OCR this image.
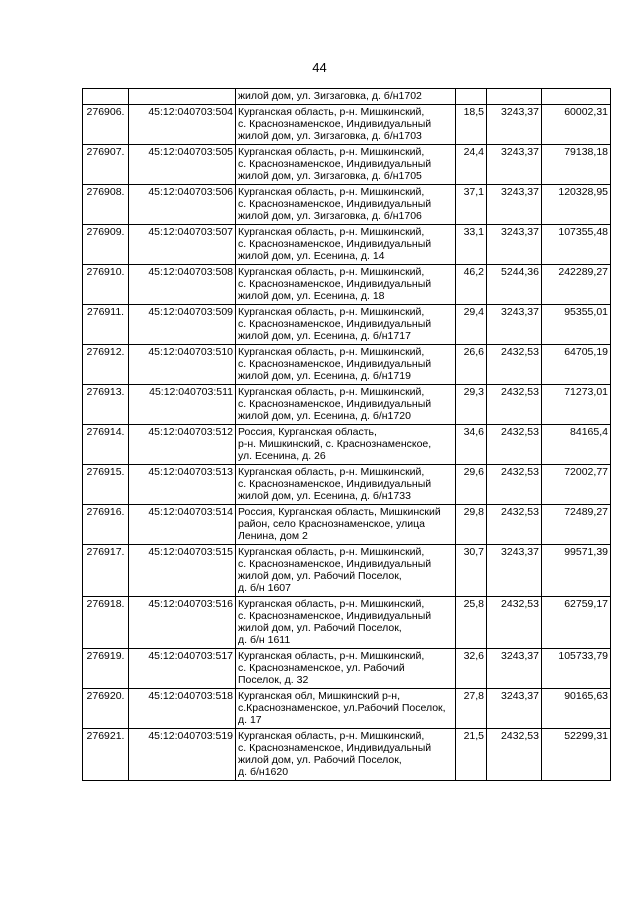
44
		жилой дом, ул. Зигзаговка, д. б/н1702			
276906.	45:12:040703:504	Курганская область, р-н. Мишкинский,
с. Краснознаменское, Индивидуальный
жилой дом, ул. Зигзаговка, д. б/н1703	18,5	3243,37	60002,31
276907.	45:12:040703:505	Курганская область, р-н. Мишкинский,
с. Краснознаменское, Индивидуальный
жилой дом, ул. Зигзаговка, д. б/н1705	24,4	3243,37	79138,18
276908.	45:12:040703:506	Курганская область, р-н. Мишкинский,
с. Краснознаменское, Индивидуальный
жилой дом, ул. Зигзаговка, д. б/н1706	37,1	3243,37	120328,95
276909.	45:12:040703:507	Курганская область, р-н. Мишкинский,
с. Краснознаменское, Индивидуальный
жилой дом, ул. Есенина, д. 14	33,1	3243,37	107355,48
276910.	45:12:040703:508	Курганская область, р-н. Мишкинский,
с. Краснознаменское, Индивидуальный
жилой дом, ул. Есенина, д. 18	46,2	5244,36	242289,27
276911.	45:12:040703:509	Курганская область, р-н. Мишкинский,
с. Краснознаменское, Индивидуальный
жилой дом, ул. Есенина, д. б/н1717	29,4	3243,37	95355,01
276912.	45:12:040703:510	Курганская область, р-н. Мишкинский,
с. Краснознаменское, Индивидуальный
жилой дом, ул. Есенина, д. б/н1719	26,6	2432,53	64705,19
276913.	45:12:040703:511	Курганская область, р-н. Мишкинский,
с. Краснознаменское, Индивидуальный
жилой дом, ул. Есенина, д. б/н1720	29,3	2432,53	71273,01
276914.	45:12:040703:512	Россия, Курганская область,
р-н. Мишкинский, с. Краснознаменское,
ул. Есенина, д. 26	34,6	2432,53	84165,4
276915.	45:12:040703:513	Курганская область, р-н. Мишкинский,
с. Краснознаменское, Индивидуальный
жилой дом, ул. Есенина, д. б/н1733	29,6	2432,53	72002,77
276916.	45:12:040703:514	Россия, Курганская область, Мишкинский
район, село Краснознаменское, улица
Ленина, дом 2	29,8	2432,53	72489,27
276917.	45:12:040703:515	Курганская область, р-н. Мишкинский,
с. Краснознаменское, Индивидуальный
жилой дом, ул. Рабочий Поселок,
д. б/н 1607	30,7	3243,37	99571,39
276918.	45:12:040703:516	Курганская область, р-н. Мишкинский,
с. Краснознаменское, Индивидуальный
жилой дом, ул. Рабочий Поселок,
д. б/н 1611	25,8	2432,53	62759,17
276919.	45:12:040703:517	Курганская область, р-н. Мишкинский,
с. Краснознаменское, ул. Рабочий
Поселок, д. 32	32,6	3243,37	105733,79
276920.	45:12:040703:518	Курганская обл, Мишкинский р-н,
с.Краснознаменское, ул.Рабочий Поселок,
д. 17	27,8	3243,37	90165,63
276921.	45:12:040703:519	Курганская область, р-н. Мишкинский,
с. Краснознаменское, Индивидуальный
жилой дом, ул. Рабочий Поселок,
д. б/н1620	21,5	2432,53	52299,31
